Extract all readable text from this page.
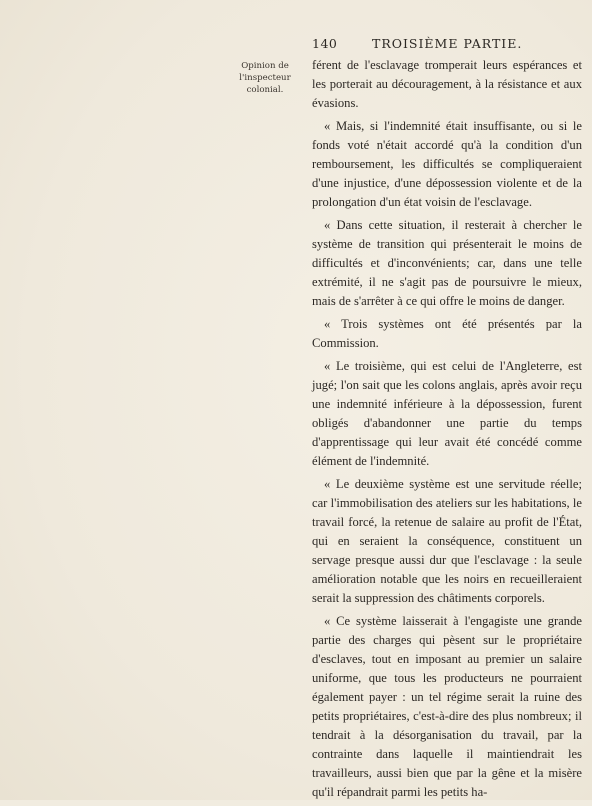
140	TROISIÈME PARTIE.
Opinion de
l'inspecteur colonial.

férent de l'esclavage tromperait leurs espérances et les porterait au découragement, à la résistance et aux évasions.

« Mais, si l'indemnité était insuffisante, ou si le fonds voté n'était accordé qu'à la condition d'un remboursement, les difficultés se compliqueraient d'une injustice, d'une dépossession violente et de la prolongation d'un état voisin de l'esclavage.

« Dans cette situation, il resterait à chercher le système de transition qui présenterait le moins de difficultés et d'inconvénients; car, dans une telle extrémité, il ne s'agit pas de poursuivre le mieux, mais de s'arrêter à ce qui offre le moins de danger.

« Trois systèmes ont été présentés par la Commission.

« Le troisième, qui est celui de l'Angleterre, est jugé; l'on sait que les colons anglais, après avoir reçu une indemnité inférieure à la dépossession, furent obligés d'abandonner une partie du temps d'apprentissage qui leur avait été concédé comme élément de l'indemnité.

« Le deuxième système est une servitude réelle; car l'immobilisation des ateliers sur les habitations, le travail forcé, la retenue de salaire au profit de l'État, qui en seraient la conséquence, constituent un servage presque aussi dur que l'esclavage : la seule amélioration notable que les noirs en recueilleraient serait la suppression des châtiments corporels.

« Ce système laisserait à l'engagiste une grande partie des charges qui pèsent sur le propriétaire d'esclaves, tout en imposant au premier un salaire uniforme, que tous les producteurs ne pourraient également payer : un tel régime serait la ruine des petits propriétaires, c'est-à-dire des plus nombreux; il tendrait à la désorganisation du travail, par la contrainte dans laquelle il maintiendrait les travailleurs, aussi bien que par la gêne et la misère qu'il répandrait parmi les petits ha-
